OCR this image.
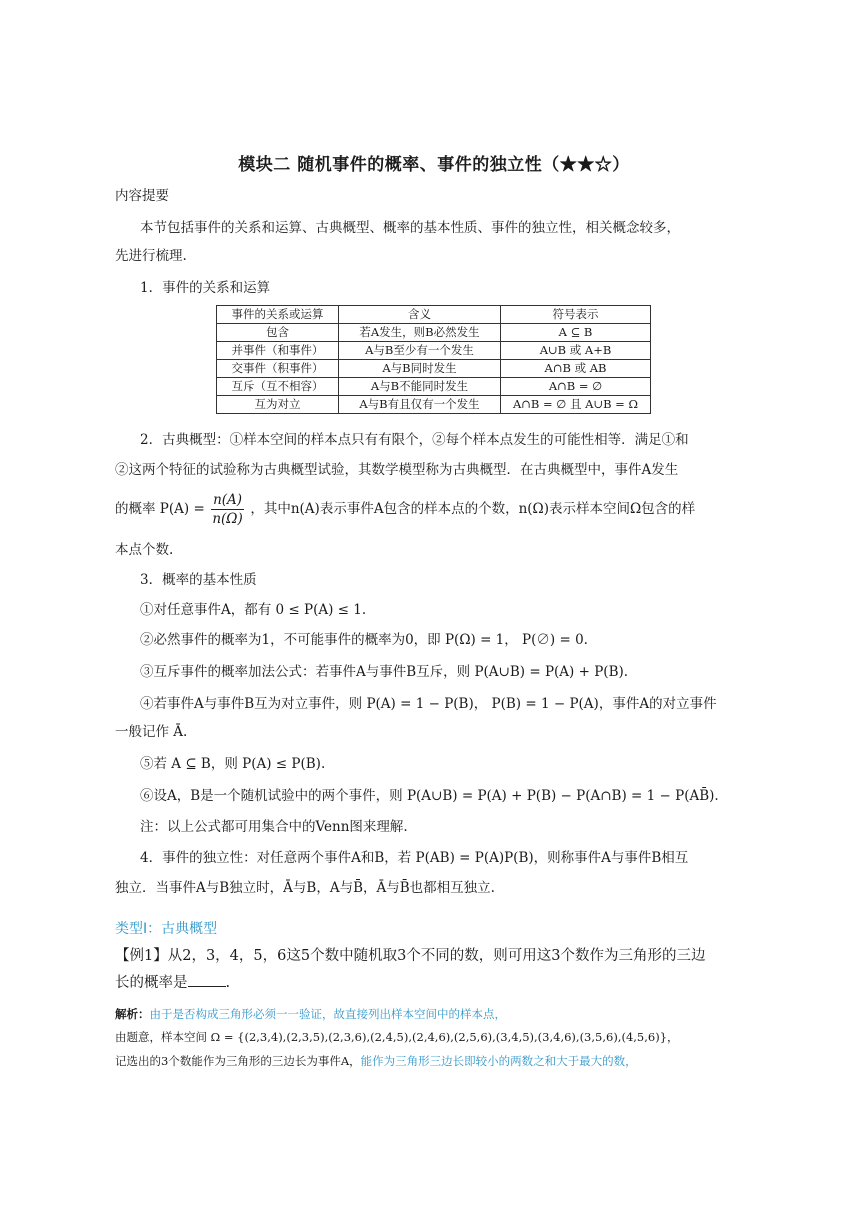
模块二 随机事件的概率、事件的独立性（★★☆）
内容提要
本节包括事件的关系和运算、古典概型、概率的基本性质、事件的独立性，相关概念较多，
先进行梳理.
1．事件的关系和运算
事件的关系或运算	含义	符号表示
包含	若A发生，则B必然发生	A ⊆ B
并事件（和事件）	A与B至少有一个发生	A∪B 或 A+B
交事件（积事件）	A与B同时发生	A∩B 或 AB
互斥（互不相容）	A与B不能同时发生	A∩B = ∅
互为对立	A与B有且仅有一个发生	A∩B = ∅ 且 A∪B = Ω
2．古典概型：①样本空间的样本点只有有限个，②每个样本点发生的可能性相等．满足①和
②这两个特征的试验称为古典概型试验，其数学模型称为古典概型．在古典概型中，事件A发生
的概率 $P(A) = \frac{n(A)}{n(\Omega)}$ ，其中n(A)表示事件A包含的样本点的个数，n(Ω)表示样本空间Ω包含的样
本点个数.
3．概率的基本性质
①对任意事件A，都有 0 ≤ P(A) ≤ 1.
②必然事件的概率为1，不可能事件的概率为0，即 P(Ω) = 1， P(∅) = 0.
③互斥事件的概率加法公式：若事件A与事件B互斥，则 P(A∪B) = P(A) + P(B).
④若事件A与事件B互为对立事件，则 P(A) = 1 − P(B)， P(B) = 1 − P(A)，事件A的对立事件
一般记作 Ā.
⑤若 A ⊆ B，则 P(A) ≤ P(B).
⑥设A，B是一个随机试验中的两个事件，则 P(A∪B) = P(A) + P(B) − P(A∩B) = 1 − P(AB̄).
注：以上公式都可用集合中的Venn图来理解.
4．事件的独立性：对任意两个事件A和B，若 P(AB) = P(A)P(B)，则称事件A与事件B相互
独立．当事件A与B独立时，Ā与B，A与B̄，Ā与B̄也都相互独立.
类型Ⅰ：古典概型
【例1】从2，3，4，5，6这5个数中随机取3个不同的数，则可用这3个数作为三角形的三边
长的概率是	.
解析：由于是否构成三角形必须一一验证，故直接列出样本空间中的样本点，
由题意，样本空间 Ω = {(2,3,4),(2,3,5),(2,3,6),(2,4,5),(2,4,6),(2,5,6),(3,4,5),(3,4,6),(3,5,6),(4,5,6)}，
记选出的3个数能作为三角形的三边长为事件A，能作为三角形三边长即较小的两数之和大于最大的数，
